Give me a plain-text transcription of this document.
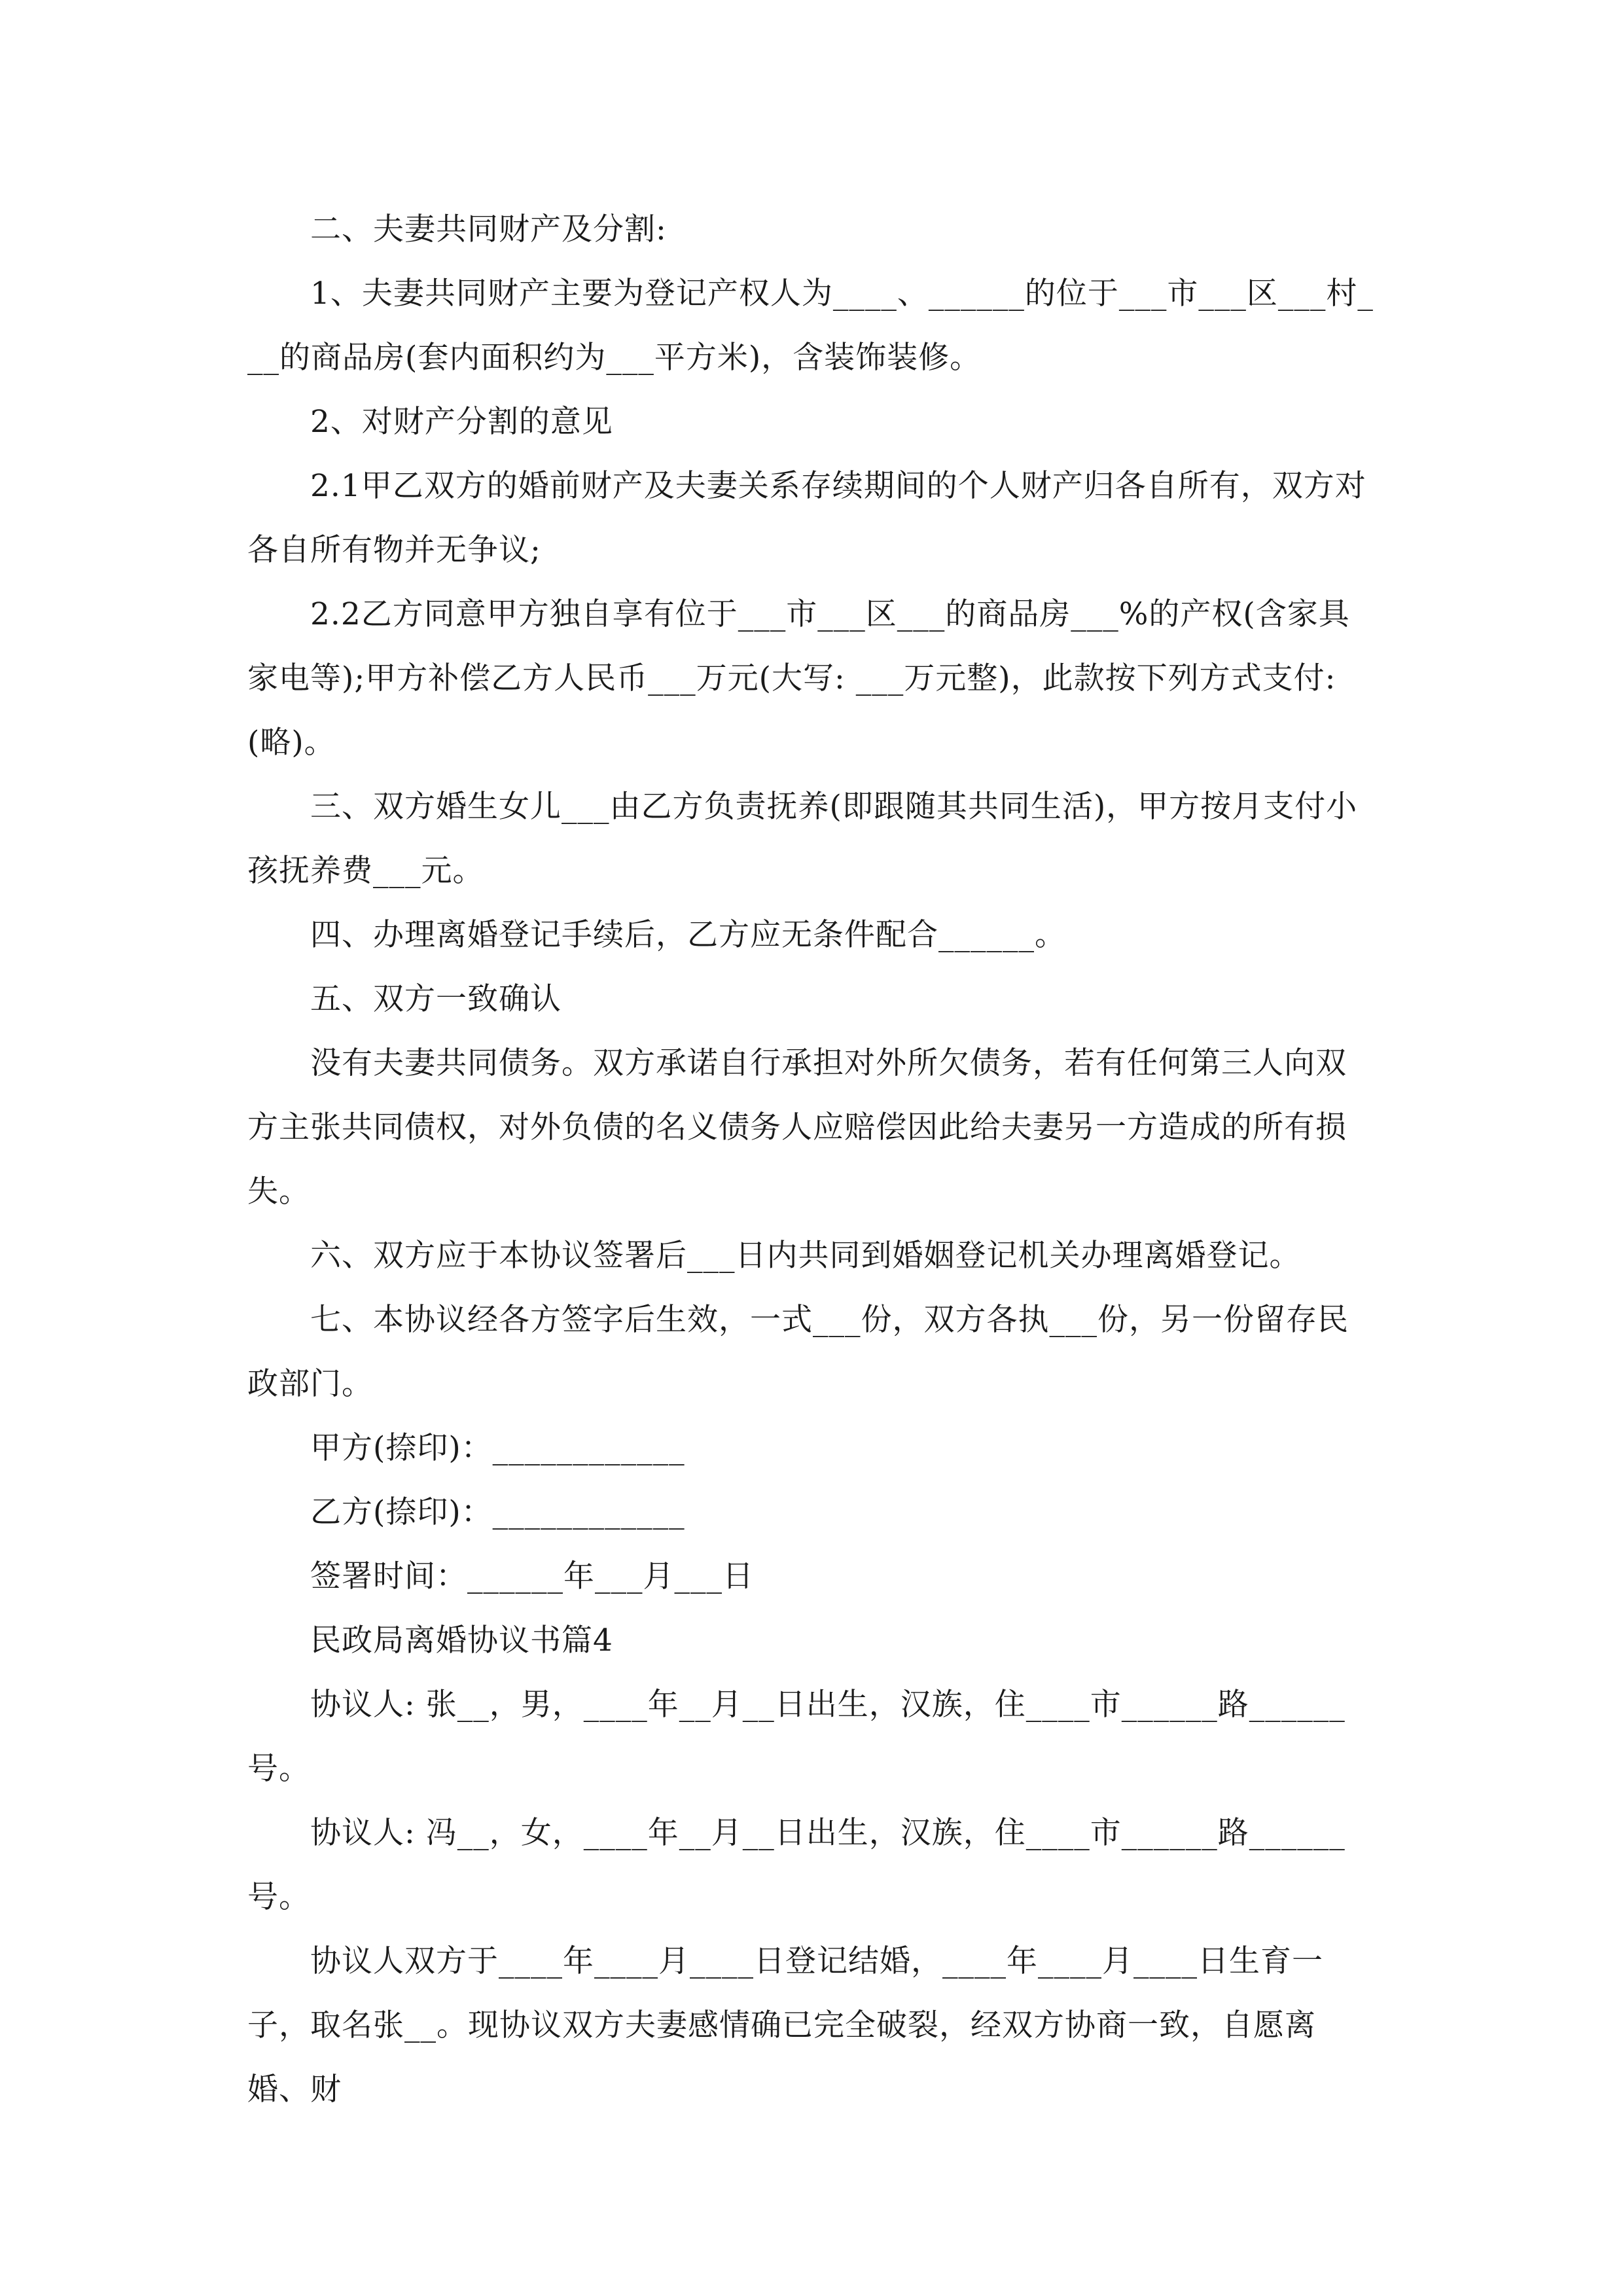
二、夫妻共同财产及分割:

1、夫妻共同财产主要为登记产权人为____、______的位于___市___区___村___的商品房(套内面积约为___平方米)，含装饰装修。

2、对财产分割的意见

2.1甲乙双方的婚前财产及夫妻关系存续期间的个人财产归各自所有，双方对各自所有物并无争议;

2.2乙方同意甲方独自享有位于___市___区___的商品房___%的产权(含家具家电等);甲方补偿乙方人民币___万元(大写: ___万元整)，此款按下列方式支付:(略)。

三、双方婚生女儿___由乙方负责抚养(即跟随其共同生活)，甲方按月支付小孩抚养费___元。

四、办理离婚登记手续后，乙方应无条件配合______。

五、双方一致确认

没有夫妻共同债务。双方承诺自行承担对外所欠债务，若有任何第三人向双方主张共同债权，对外负债的名义债务人应赔偿因此给夫妻另一方造成的所有损失。

六、双方应于本协议签署后___日内共同到婚姻登记机关办理离婚登记。

七、本协议经各方签字后生效，一式___份，双方各执___份，另一份留存民政部门。

甲方(捺印)：____________

乙方(捺印)：____________

签署时间：______年___月___日

民政局离婚协议书篇4

协议人: 张__，男，____年__月__日出生，汉族，住____市______路______号。

协议人: 冯__，女，____年__月__日出生，汉族，住____市______路______号。

协议人双方于____年____月____日登记结婚，____年____月____日生育一子，取名张__。现协议双方夫妻感情确已完全破裂，经双方协商一致，自愿离婚、财
